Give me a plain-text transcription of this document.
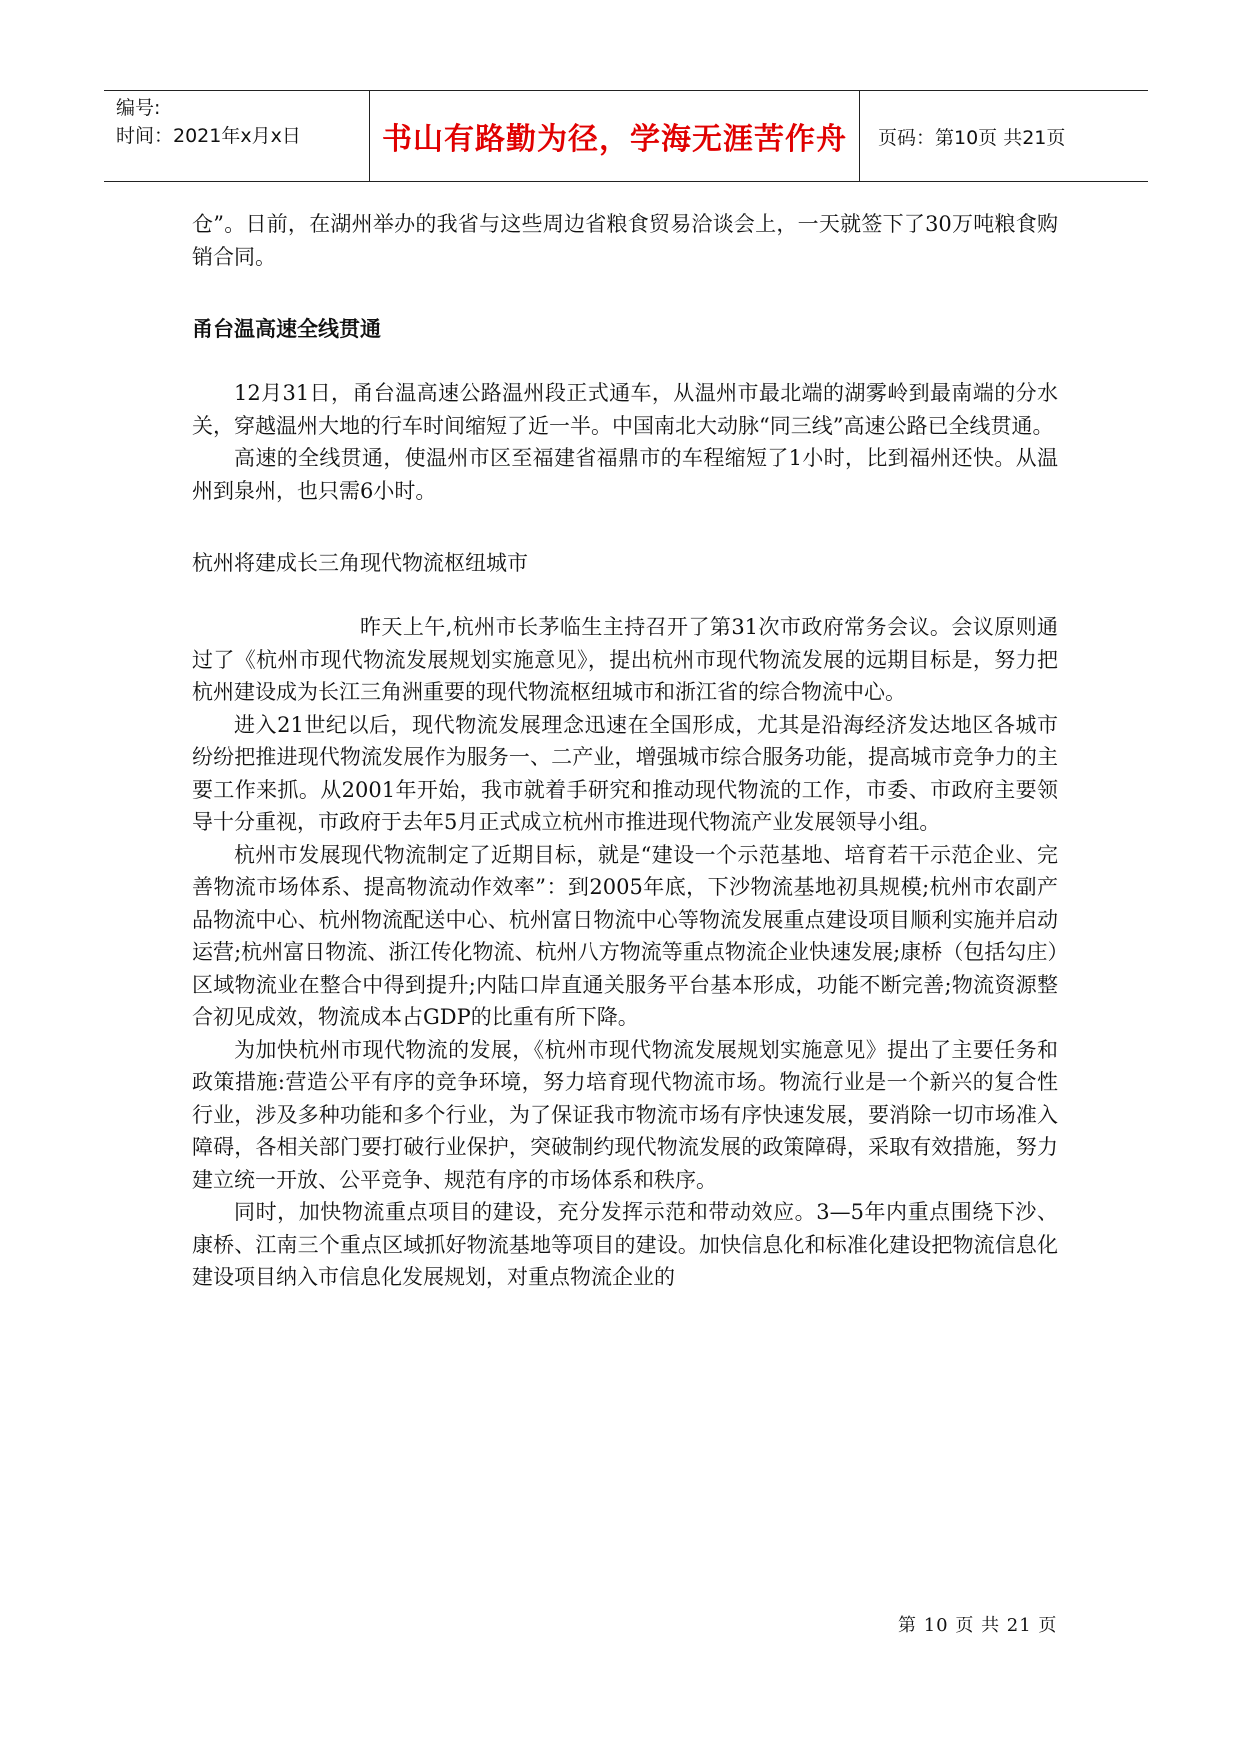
编号:
时间：2021年x月x日	书山有路勤为径，学海无涯苦作舟	页码：第10页 共21页

仓”。日前，在湖州举办的我省与这些周边省粮食贸易洽谈会上，一天就签下了30万吨粮食购销合同。

甬台温高速全线贯通

12月31日，甬台温高速公路温州段正式通车，从温州市最北端的湖雾岭到最南端的分水关，穿越温州大地的行车时间缩短了近一半。中国南北大动脉“同三线”高速公路已全线贯通。

高速的全线贯通，使温州市区至福建省福鼎市的车程缩短了1小时，比到福州还快。从温州到泉州，也只需6小时。

杭州将建成长三角现代物流枢纽城市

昨天上午,杭州市长茅临生主持召开了第31次市政府常务会议。会议原则通过了《杭州市现代物流发展规划实施意见》，提出杭州市现代物流发展的远期目标是，努力把杭州建设成为长江三角洲重要的现代物流枢纽城市和浙江省的综合物流中心。

进入21世纪以后，现代物流发展理念迅速在全国形成，尤其是沿海经济发达地区各城市纷纷把推进现代物流发展作为服务一、二产业，增强城市综合服务功能，提高城市竞争力的主要工作来抓。从2001年开始，我市就着手研究和推动现代物流的工作，市委、市政府主要领导十分重视，市政府于去年5月正式成立杭州市推进现代物流产业发展领导小组。

杭州市发展现代物流制定了近期目标，就是“建设一个示范基地、培育若干示范企业、完善物流市场体系、提高物流动作效率”：到2005年底，下沙物流基地初具规模;杭州市农副产品物流中心、杭州物流配送中心、杭州富日物流中心等物流发展重点建设项目顺利实施并启动运营;杭州富日物流、浙江传化物流、杭州八方物流等重点物流企业快速发展;康桥（包括勾庄）区域物流业在整合中得到提升;内陆口岸直通关服务平台基本形成，功能不断完善;物流资源整合初见成效，物流成本占GDP的比重有所下降。

为加快杭州市现代物流的发展，《杭州市现代物流发展规划实施意见》提出了主要任务和政策措施:营造公平有序的竞争环境，努力培育现代物流市场。物流行业是一个新兴的复合性行业，涉及多种功能和多个行业，为了保证我市物流市场有序快速发展，要消除一切市场准入障碍，各相关部门要打破行业保护，突破制约现代物流发展的政策障碍，采取有效措施，努力建立统一开放、公平竞争、规范有序的市场体系和秩序。

同时，加快物流重点项目的建设，充分发挥示范和带动效应。3—5年内重点围绕下沙、康桥、江南三个重点区域抓好物流基地等项目的建设。加快信息化和标准化建设把物流信息化建设项目纳入市信息化发展规划，对重点物流企业的

第 10 页 共 21 页
